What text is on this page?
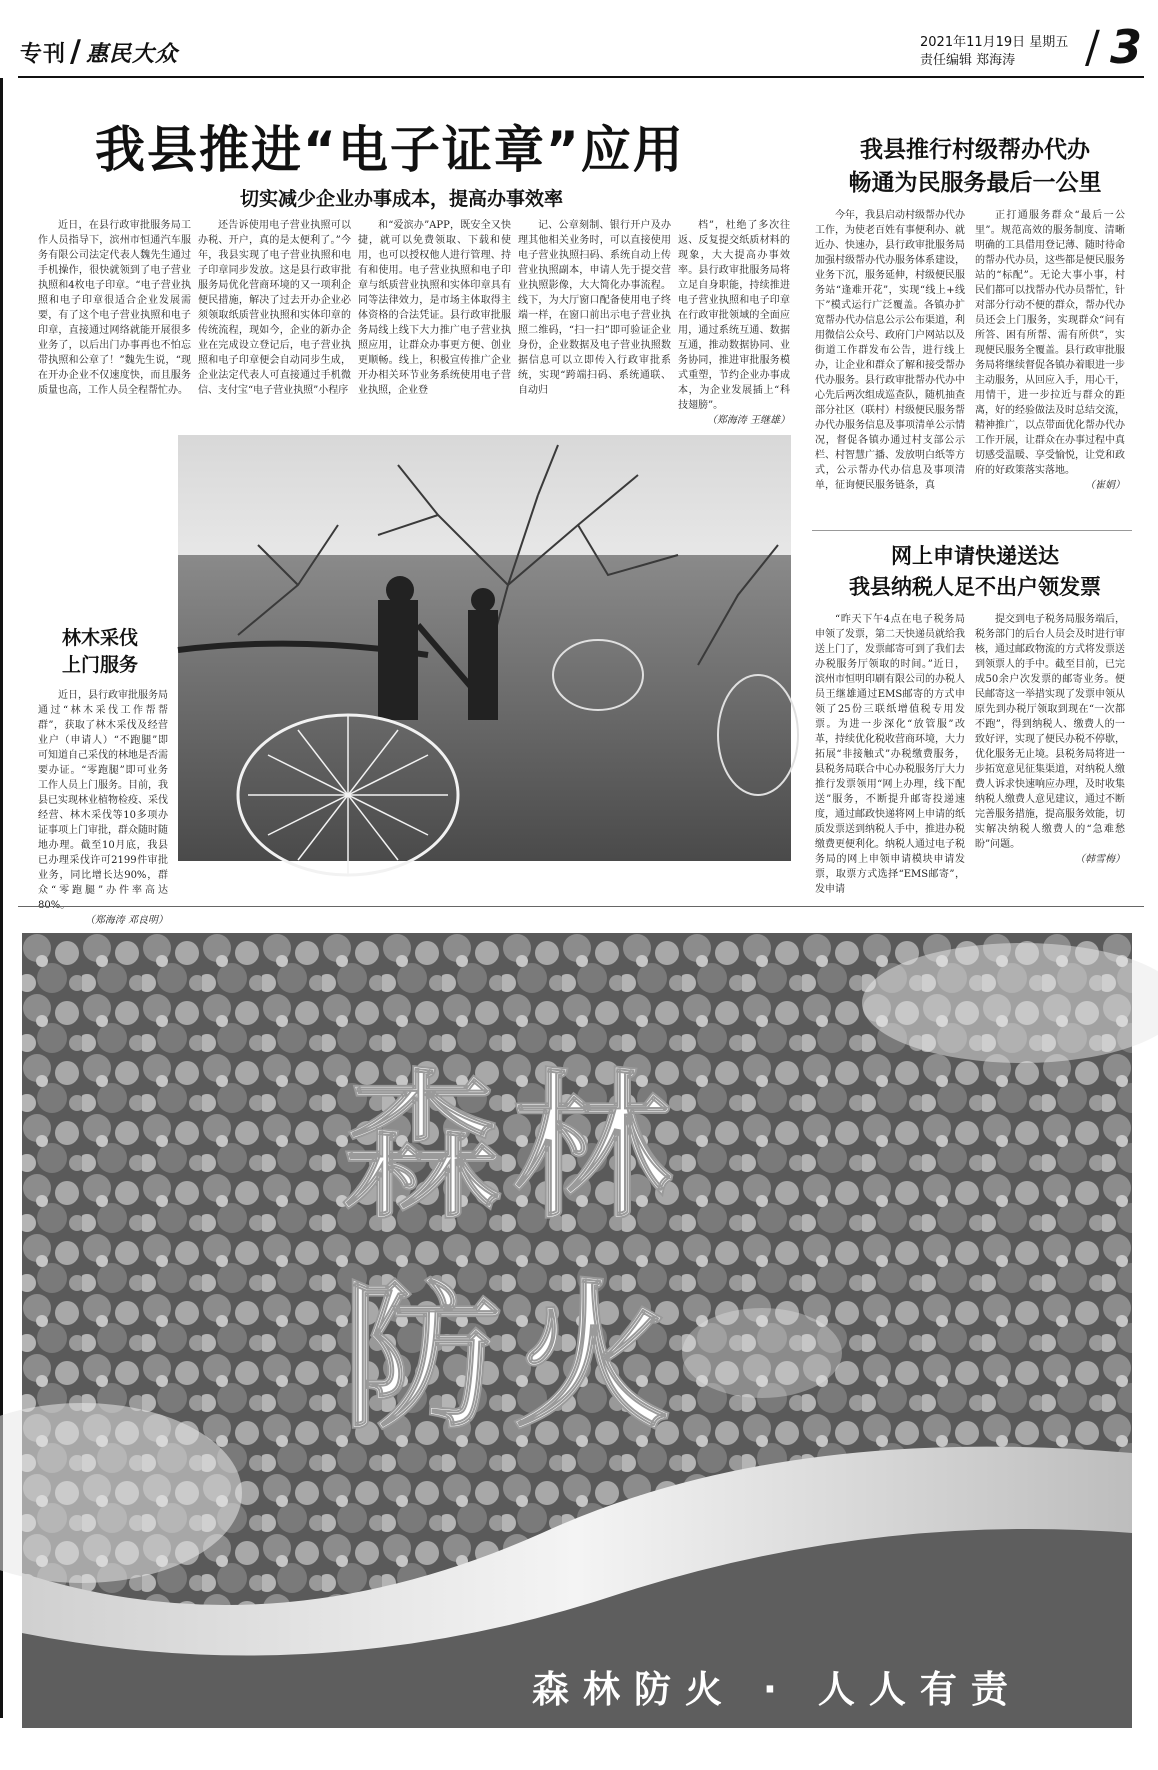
专刊 / 惠民大众	2021年11月19日 星期五
责任编辑 郑海涛	/ 3
我县推进“电子证章”应用
切实减少企业办事成本，提高办事效率

近日，在县行政审批服务局工作人员指导下，滨州市恒通汽车服务有限公司法定代表人魏先生通过手机操作，很快就领到了电子营业执照和4枚电子印章。“电子营业执照和电子印章很适合企业发展需要，有了这个电子营业执照和电子印章，直接通过网络就能开展很多业务了，以后出门办事再也不怕忘带执照和公章了！”魏先生说，“现在开办企业不仅速度快，而且服务质量也高，工作人员全程帮忙办。

还告诉使用电子营业执照可以办税、开户，真的是太便利了。”今年，我县实现了电子营业执照和电子印章同步发放。这是县行政审批服务局优化营商环境的又一项利企便民措施，解决了过去开办企业必须领取纸质营业执照和实体印章的传统流程，现如今，企业的新办企业在完成设立登记后，电子营业执照和电子印章便会自动同步生成，企业法定代表人可直接通过手机微信、支付宝“电子营业执照”小程序

和“爱滨办”APP，既安全又快捷，就可以免费领取、下载和使用，也可以授权他人进行管理、持有和使用。电子营业执照和电子印章与纸质营业执照和实体印章具有同等法律效力，是市场主体取得主体资格的合法凭证。县行政审批服务局线上线下大力推广电子营业执照应用，让群众办事更方便、创业更顺畅。线上，积极宣传推广企业开办相关环节业务系统使用电子营业执照，企业登

记、公章刻制、银行开户及办理其他相关业务时，可以直接使用电子营业执照扫码、系统自动上传营业执照副本，申请人先于提交营业执照影像，大大简化办事流程。线下，为大厅窗口配备使用电子终端一样，在窗口前出示电子营业执照二维码，“扫一扫”即可验证企业身份，企业数据及电子营业执照数据信息可以立即传入行政审批系统，实现“跨端扫码、系统通联、自动归

档”，杜绝了多次往返、反复提交纸质材料的现象，大大提高办事效率。县行政审批服务局将立足自身职能，持续推进电子营业执照和电子印章在行政审批领域的全面应用，通过系统互通、数据互通，推动数据协同、业务协同，推进审批服务模式重塑，节约企业办事成本，为企业发展插上“科技翅膀”。

（郑海涛 王继雄）
我县推行村级帮办代办
畅通为民服务最后一公里

今年，我县启动村级帮办代办工作，为使老百姓有事便利办、就近办、快速办，县行政审批服务局加强村级帮办代办服务体系建设，业务下沉，服务延伸，村级便民服务站“逢难开花”，实现“线上+线下”模式运行广泛覆盖。各镇办扩宽帮办代办信息公示公布渠道，利用微信公众号、政府门户网站以及街道工作群发布公告，进行线上办，让企业和群众了解和接受帮办代办服务。县行政审批帮办代办中心先后两次组成巡查队，随机抽查部分社区（联村）村级便民服务帮办代办服务信息及事项清单公示情况，督促各镇办通过村支部公示栏、村智慧广播、发放明白纸等方式，公示帮办代办信息及事项清单，征询便民服务链条，真

正打通服务群众“最后一公里”。规范高效的服务制度、清晰明确的工具借用登记薄、随时待命的帮办代办员，这些都是便民服务站的“标配”。无论大事小事，村民们都可以找帮办代办员帮忙，针对部分行动不便的群众，帮办代办员还会上门服务，实现群众“问有所答、困有所帮、需有所供”，实现便民服务全覆盖。县行政审批服务局将继续督促各镇办着眼进一步主动服务，从回应入手，用心干，用情干，进一步拉近与群众的距离，好的经验做法及时总结交流，精神推广，以点带面优化帮办代办工作开展，让群众在办事过程中真切感受温暖、享受愉悦，让党和政府的好政策落实落地。

（崔娟）
网上申请快递送达
我县纳税人足不出户领发票

“昨天下午4点在电子税务局申领了发票，第二天快递员就给我送上门了，发票邮寄可到了我们去办税服务厅领取的时间。”近日，滨州市恒明印刷有限公司的办税人员王继雄通过EMS邮寄的方式申领了25份三联纸增值税专用发票。为进一步深化“放管服”改革，持续优化税收营商环境，大力拓展“非接触式”办税缴费服务，县税务局联合中心办税服务厅大力推行发票领用“网上办理，线下配送”服务，不断提升邮寄投递速度，通过邮政快递将网上申请的纸质发票送到纳税人手中，推进办税缴费更便利化。纳税人通过电子税务局的网上申领申请模块申请发票，取票方式选择“EMS邮寄”，发申请

提交到电子税务局服务端后，税务部门的后台人员会及时进行审核，通过邮政物流的方式将发票送到领票人的手中。截至目前，已完成50余户次发票的邮寄业务。便民邮寄这一举措实现了发票申领从原先到办税厅领取到现在“一次都不跑”，得到纳税人、缴费人的一致好评，实现了便民办税不停歇，优化服务无止境。县税务局将进一步拓宽意见征集渠道，对纳税人缴费人诉求快速响应办理，及时收集纳税人缴费人意见建议，通过不断完善服务措施，提高服务效能，切实解决纳税人缴费人的“急难愁盼”问题。

（韩雪梅）
林木采伐
上门服务

近日，县行政审批服务局通过“林木采伐工作帮帮群”，获取了林木采伐及经营业户（申请人）“不跑腿”即可知道自己采伐的林地是否需要办证。“零跑腿”即可业务工作人员上门服务。目前，我县已实现林业植物检疫、采伐经营、林木采伐等10多项办证事项上门审批，群众随时随地办理。截至10月底，我县已办理采伐许可2199件审批业务，同比增长达90%，群众“零跑腿”办件率高达

（郑海涛 邓良明）
森 林
防 火
森林防火 · 人人有责
